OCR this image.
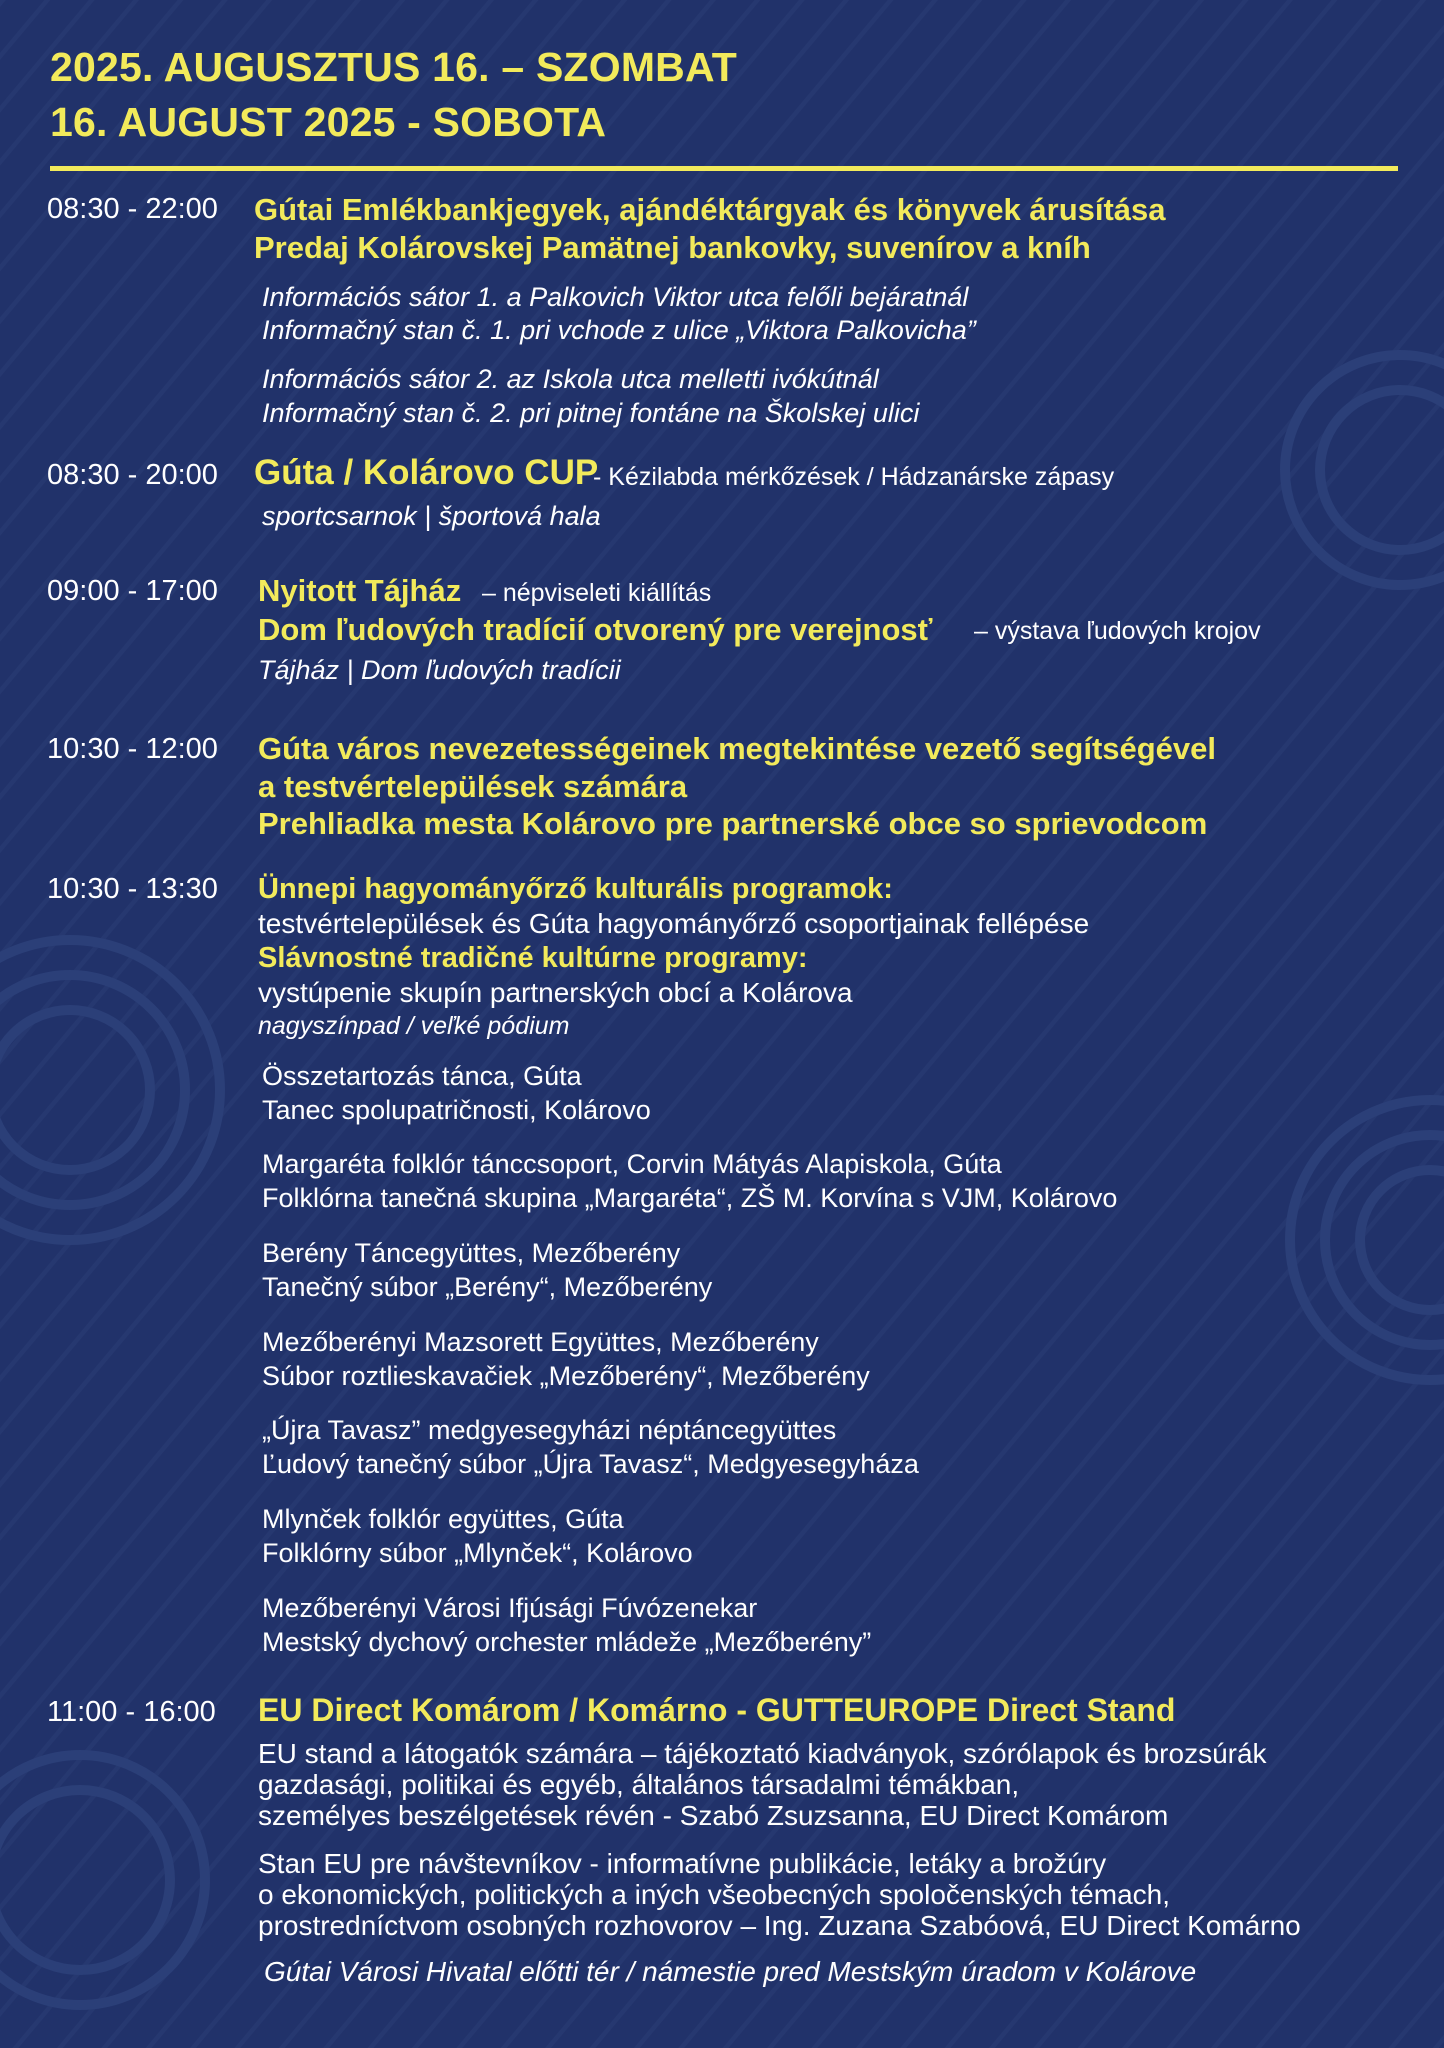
2025. AUGUSZTUS 16. – SZOMBAT
16. AUGUST 2025 - SOBOTA
08:30 - 22:00 Gútai Emlékbankjegyek, ajándéktárgyak és könyvek árusítása
Predaj Kolárovskej Pamätnej bankovky, suvenírov a kníh
Információs sátor 1. a Palkovich Viktor utca felőli bejáratnál
Informačný stan č. 1. pri vchode z ulice „Viktora Palkovicha”
Információs sátor 2. az Iskola utca melletti ivókútnál
Informačný stan č. 2. pri pitnej fontáne na Školskej ulici
08:30 - 20:00 Gúta / Kolárovo CUP
- Kézilabda mérkőzések / Hádzanárske zápasy
sportcsarnok | športová hala
09:00 - 17:00 Nyitott Tájház – népviseleti kiállítás
Dom ľudových tradícií otvorený pre verejnosť – výstava ľudových krojov
Tájház | Dom ľudových tradícii
10:30 - 12:00 Gúta város nevezetességeinek megtekintése vezető segítségével
a testvértelepülések számára
Prehliadka mesta Kolárovo pre partnerské obce so sprievodcom
10:30 - 13:30 Ünnepi hagyományőrző kulturális programok:
testvértelepülések és Gúta hagyományőrző csoportjainak fellépése
Slávnostné tradičné kultúrne programy:
vystúpenie skupín partnerských obcí a Kolárova
nagyszínpad / veľké pódium
Összetartozás tánca, Gúta
Tanec spolupatričnosti, Kolárovo
Margaréta folklór tánccsoport, Corvin Mátyás Alapiskola, Gúta
Folklórna tanečná skupina „Margaréta“, ZŠ M. Korvína s VJM, Kolárovo
Berény Táncegyüttes, Mezőberény
Tanečný súbor „Berény“, Mezőberény
Mezőberényi Mazsorett Együttes, Mezőberény
Súbor roztlieskavačiek „Mezőberény“, Mezőberény
„Újra Tavasz” medgyesegyházi néptáncegyüttes
Ľudový tanečný súbor „Újra Tavasz“, Medgyesegyháza
Mlynček folklór együttes, Gúta
Folklórny súbor „Mlynček“, Kolárovo
Mezőberényi Városi Ifjúsági Fúvózenekar
Mestský dychový orchester mládeže „Mezőberény”
11:00 - 16:00 EU Direct Komárom / Komárno - GUTTEUROPE Direct Stand
EU stand a látogatók számára – tájékoztató kiadványok, szórólapok és brozsúrák
gazdasági, politikai és egyéb, általános társadalmi témákban,
személyes beszélgetések révén - Szabó Zsuzsanna, EU Direct Komárom
Stan EU pre návštevníkov - informatívne publikácie, letáky a brožúry
o ekonomických, politických a iných všeobecných spoločenských témach,
prostredníctvom osobných rozhovorov – Ing. Zuzana Szabóová, EU Direct Komárno
Gútai Városi Hivatal előtti tér / námestie pred Mestským úradom v Kolárove
